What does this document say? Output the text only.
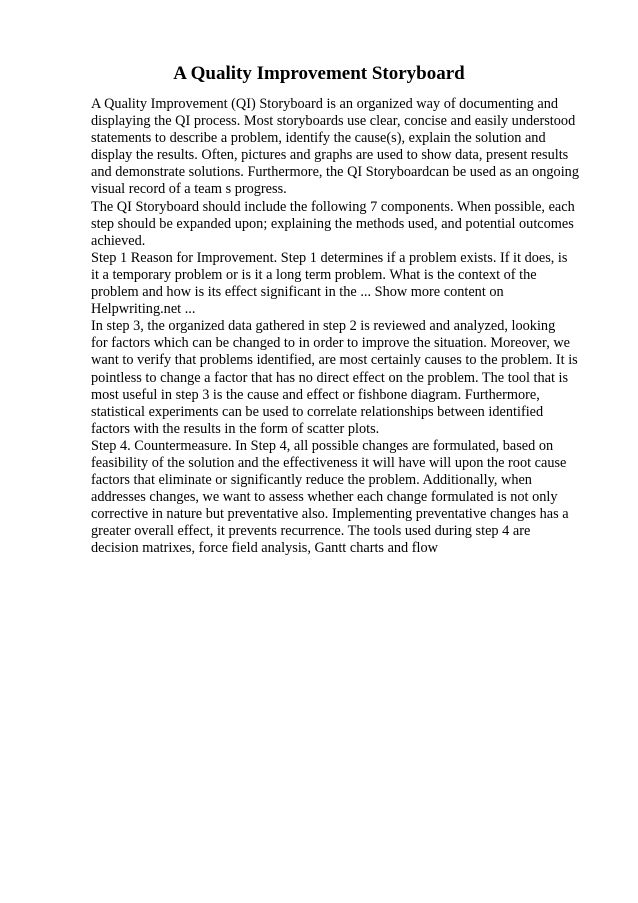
A Quality Improvement Storyboard
A Quality Improvement (QI) Storyboard is an organized way of documenting and
displaying the QI process. Most storyboards use clear, concise and easily understood
statements to describe a problem, identify the cause(s), explain the solution and
display the results. Often, pictures and graphs are used to show data, present results
and demonstrate solutions. Furthermore, the QI Storyboardcan be used as an ongoing
visual record of a team s progress.
The QI Storyboard should include the following 7 components. When possible, each
step should be expanded upon; explaining the methods used, and potential outcomes
achieved.
Step 1 Reason for Improvement. Step 1 determines if a problem exists. If it does, is
it a temporary problem or is it a long term problem. What is the context of the
problem and how is its effect significant in the ... Show more content on
Helpwriting.net ...
In step 3, the organized data gathered in step 2 is reviewed and analyzed, looking
for factors which can be changed to in order to improve the situation. Moreover, we
want to verify that problems identified, are most certainly causes to the problem. It is
pointless to change a factor that has no direct effect on the problem. The tool that is
most useful in step 3 is the cause and effect or fishbone diagram. Furthermore,
statistical experiments can be used to correlate relationships between identified
factors with the results in the form of scatter plots.
Step 4. Countermeasure. In Step 4, all possible changes are formulated, based on
feasibility of the solution and the effectiveness it will have will upon the root cause
factors that eliminate or significantly reduce the problem. Additionally, when
addresses changes, we want to assess whether each change formulated is not only
corrective in nature but preventative also. Implementing preventative changes has a
greater overall effect, it prevents recurrence. The tools used during step 4 are
decision matrixes, force field analysis, Gantt charts and flow
